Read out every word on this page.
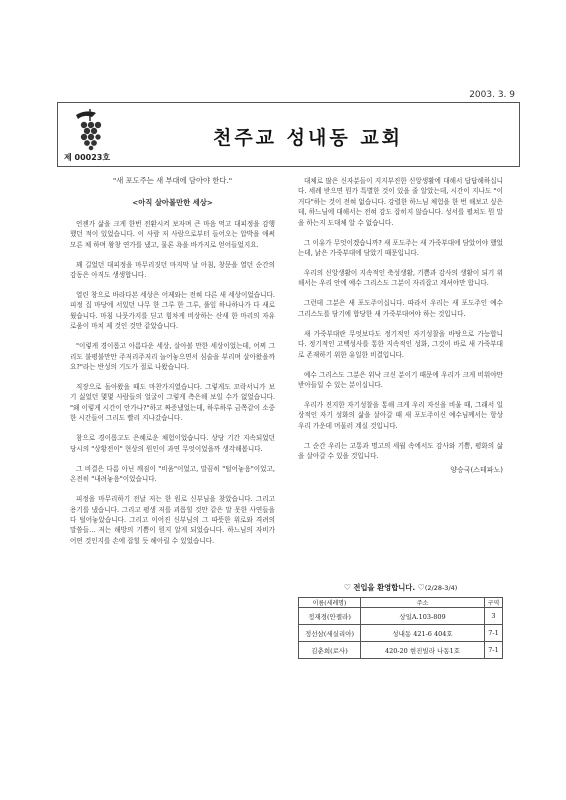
2003. 3. 9
천주교 성내동 교회
제 00023호

"새 포도주는 새 부대에 담아야 한다."

<아직 살아볼만한 세상>

언젠가 삶을 크게 한번 전환시켜 보자며 큰 마음 먹고 대피정을 감행했던 적이 있었습니다. 이 사람 저 사람으로부터 들어오는 압박을 애써 모른 체 하며 왕창 연가를 냈고, 물론 욕을 바가지로 얻어들었지요.

꽤 길었던 대피정을 마무리짓던 마지막 날 아침, 창문을 열던 순간의 감동은 아직도 생생합니다.

열린 창으로 바라다본 세상은 어제와는 전혀 다른 새 세상이었습니다. 피정 집 마당에 서있던 나무 한 그루 한 그루, 풀잎 하나하나가 다 새로웠습니다. 마침 나뭇가지를 딛고 힘차게 비상하는 산새 한 마리의 자유로움이 마치 제 것인 것만 같았습니다.

"이렇게 경이롭고 아름다운 세상, 살아볼 만한 세상이었는데, 어찌 그리도 불평불만만 주저리주저리 늘어놓으면서 심술을 부리며 살아왔을까요?"라는 반성의 기도가 절로 나왔습니다.

직장으로 돌아왔을 때도 마찬가지였습니다. 그렇게도 꼬락서니가 보기 싫었던 몇몇 사람들의 얼굴이 그렇게 측은해 보일 수가 없었습니다. "왜 이렇게 시간이 안가나?"하고 짜증냈었는데, 하루하루 금쪽같이 소중한 시간들이 그리도 빨리 지나갔습니다.

참으로 경이롭고도 은혜로운 체험이었습니다. 상당 기간 지속되었던 당시의 "상황전이" 현상의 원인이 과연 무엇이었을까 생각해봅니다.

그 비결은 다름 아닌 깨짐이 "비움"이었고, 말끔히 "털어놓음"이었고, 온전히 "내려놓음"이었습니다.

피정을 마무리하기 전날 저는 한 원로 신부님을 찾았습니다. 그리고 용기를 냈습니다. 그리고 평생 저를 괴롭힐 것만 같은 말 못한 사연들을 다 털어놓았습니다. 그리고 이어진 신부님의 그 따뜻한 위로와 격려의 말씀들... 저는 해방의 기쁨이 뭔지 알게 되었습니다. 하느님의 자비가 어떤 것인지를 손에 잡힐 듯 헤아릴 수 있었습니다.

대체로 많은 신자분들이 지지부진한 신앙생활에 대해서 답답해하십니다. 세례 받으면 뭔가 특별한 것이 있을 줄 알았는데, 시간이 지나도 "이거다"하는 것이 전혀 없습니다. 강렬한 하느님 체험을 한 번 해보고 싶은데, 하느님에 대해서는 전혀 감도 잡히지 않습니다. 성서를 펼쳐도 뭔 말을 하는지 도대체 알 수 없습니다.

그 이유가 무엇이겠습니까? 새 포도주는 새 가죽부대에 담았어야 했었는데, 낡은 가죽부대에 담았기 때문입니다.

우리의 신앙생활이 지속적인 축성생활, 기쁨과 감사의 생활이 되기 위해서는 우리 안에 예수 그리스도 그분이 자리잡고 계셔야만 합니다.

그런데 그분은 새 포도주이십니다. 따라서 우리는 새 포도주인 예수 그리스도를 담기에 합당한 새 가죽부대여야 하는 것입니다.

새 가죽부대란 무엇보다도 정기적인 자기성찰을 바탕으로 가능합니다. 정기적인 고백성사를 통한 지속적인 성화, 그것이 바로 새 가죽부대로 존재하기 위한 유일한 비결입니다.

예수 그리스도 그분은 위낙 크신 분이기 때문에 우리가 크게 비워야만 받아들일 수 있는 분이십니다.

우리가 진지한 자기성찰을 통해 크게 우리 자신을 비울 때, 그래서 일상적인 자기 성화의 삶을 살아갈 때 새 포도주이신 예수님께서는 항상 우리 가운데 머물러 계실 것입니다.

그 순간 우리는 고통과 명고의 세월 속에서도 감사와 기쁨, 평화의 삶을 살아갈 수 있을 것입니다.

양승국(스테파노)

♡ 전입을 환영합니다. ♡(2/28-3/4)
이름(세례명)	주소	구역
정재경(안젤라)	상일A.103-809	3
정선삼(세실리아)	성내동 421-6 404호	7-1
김춘희(로사)	420-20 현진빌라 나동1호	7-1
